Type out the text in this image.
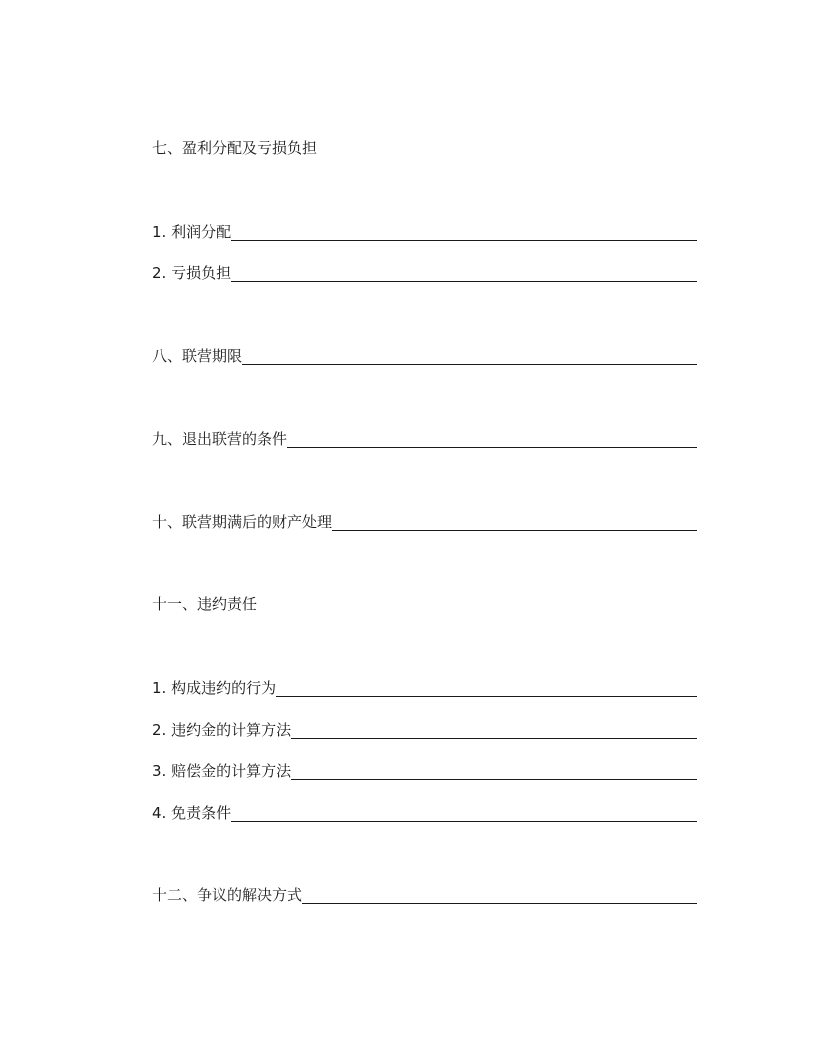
七、盈利分配及亏损负担
1. 利润分配
2. 亏损负担
八、联营期限
九、退出联营的条件
十、联营期满后的财产处理
十一、违约责任
1. 构成违约的行为
2. 违约金的计算方法
3. 赔偿金的计算方法
4. 免责条件
十二、争议的解决方式
